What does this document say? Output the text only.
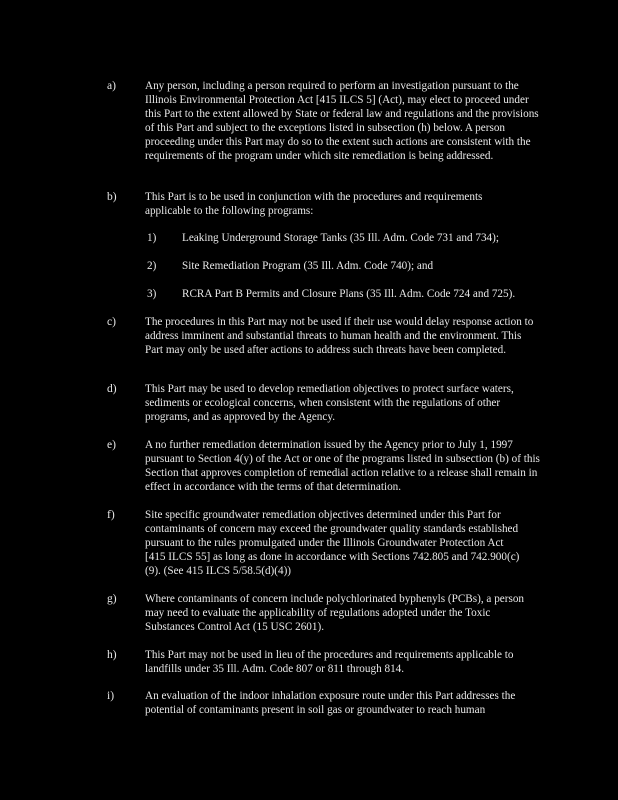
a)	Any person, including a person required to perform an investigation pursuant to the Illinois Environmental Protection Act [415 ILCS 5] (Act), may elect to proceed under this Part to the extent allowed by State or federal law and regulations and the provisions of this Part and subject to the exceptions listed in subsection (h) below. A person proceeding under this Part may do so to the extent such actions are consistent with the requirements of the program under which site remediation is being addressed.
b)	This Part is to be used in conjunction with the procedures and requirements applicable to the following programs:
1) Leaking Underground Storage Tanks (35 Ill. Adm. Code 731 and 734);
2) Site Remediation Program (35 Ill. Adm. Code 740); and
3) RCRA Part B Permits and Closure Plans (35 Ill. Adm. Code 724 and 725).
c)	The procedures in this Part may not be used if their use would delay response action to address imminent and substantial threats to human health and the environment. This Part may only be used after actions to address such threats have been completed.
d)	This Part may be used to develop remediation objectives to protect surface waters, sediments or ecological concerns, when consistent with the regulations of other programs, and as approved by the Agency.
e)	A no further remediation determination issued by the Agency prior to July 1, 1997 pursuant to Section 4(y) of the Act or one of the programs listed in subsection (b) of this Section that approves completion of remedial action relative to a release shall remain in effect in accordance with the terms of that determination.
f)	Site specific groundwater remediation objectives determined under this Part for contaminants of concern may exceed the groundwater quality standards established pursuant to the rules promulgated under the Illinois Groundwater Protection Act [415 ILCS 55] as long as done in accordance with Sections 742.805 and 742.900(c)(9). (See 415 ILCS 5/58.5(d)(4))
g)	Where contaminants of concern include polychlorinated byphenyls (PCBs), a person may need to evaluate the applicability of regulations adopted under the Toxic Substances Control Act (15 USC 2601).
h)	This Part may not be used in lieu of the procedures and requirements applicable to landfills under 35 Ill. Adm. Code 807 or 811 through 814.
i)	An evaluation of the indoor inhalation exposure route under this Part addresses the potential of contaminants present in soil gas or groundwater to reach human
